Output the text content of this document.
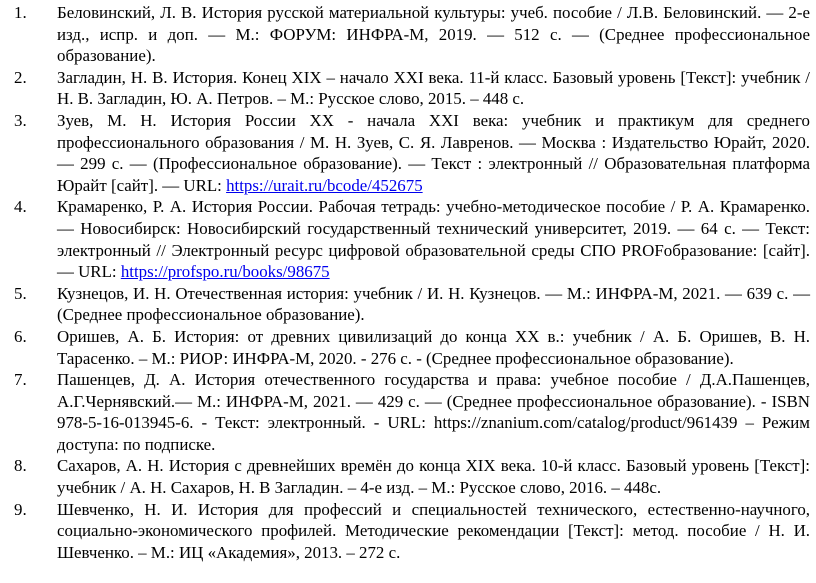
1. Беловинский, Л. В. История русской материальной культуры: учеб. пособие / Л.В. Беловинский. — 2-е изд., испр. и доп. — М.: ФОРУМ: ИНФРА-М, 2019. — 512 с. — (Среднее профессиональное образование).
2. Загладин, Н. В. История. Конец XIX – начало XXI века. 11-й класс. Базовый уровень [Текст]: учебник / Н. В. Загладин, Ю. А. Петров. – М.: Русское слово, 2015. – 448 с.
3. Зуев, М. Н. История России XX - начала XXI века: учебник и практикум для среднего профессионального образования / М. Н. Зуев, С. Я. Лавренов. — Москва : Издательство Юрайт, 2020. — 299 с. — (Профессиональное образование). — Текст : электронный // Образовательная платформа Юрайт [сайт]. — URL: https://urait.ru/bcode/452675
4. Крамаренко, Р. А. История России. Рабочая тетрадь: учебно-методическое пособие / Р. А. Крамаренко. — Новосибирск: Новосибирский государственный технический университет, 2019. — 64 c. — Текст: электронный // Электронный ресурс цифровой образовательной среды СПО PROFобразование: [сайт]. — URL: https://profspo.ru/books/98675
5. Кузнецов, И. Н. Отечественная история: учебник / И. Н. Кузнецов. — М.: ИНФРА-М, 2021. — 639 с. — (Среднее профессиональное образование).
6. Оришев, А. Б. История: от древних цивилизаций до конца XX в.: учебник / А. Б. Оришев, В. Н. Тарасенко. – М.: РИОР: ИНФРА-М, 2020. - 276 с. - (Среднее профессиональное образование).
7. Пашенцев, Д. А. История отечественного государства и права: учебное пособие / Д.А.Пашенцев, А.Г.Чернявский.— М.: ИНФРА-М, 2021. — 429 с. — (Среднее профессиональное образование). - ISBN 978-5-16-013945-6. - Текст: электронный. - URL: https://znanium.com/catalog/product/961439 – Режим доступа: по подписке.
8. Сахаров, А. Н. История с древнейших времён до конца XIX века. 10-й класс. Базовый уровень [Текст]: учебник / А. Н. Сахаров, Н. В Загладин. – 4-е изд. – М.: Русское слово, 2016. – 448с.
9. Шевченко, Н. И. История для профессий и специальностей технического, естественно-научного, социально-экономического профилей. Методические рекомендации [Текст]: метод. пособие / Н. И. Шевченко. – М.: ИЦ «Академия», 2013. – 272 с.
